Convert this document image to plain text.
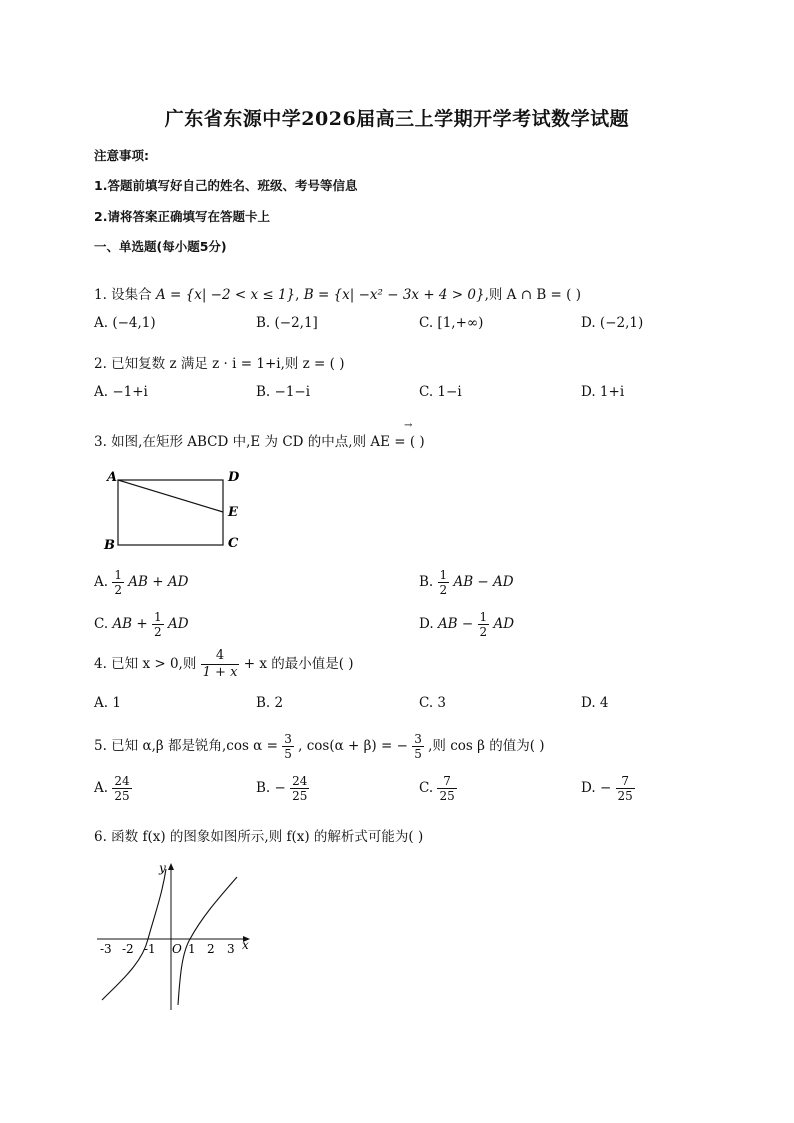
广东省东源中学2026届高三上学期开学考试数学试题
注意事项:
1.答题前填写好自己的姓名、班级、考号等信息
2.请将答案正确填写在答题卡上
一、单选题(每小题5分)
1. 设集合 A = {x| −2 < x ≤ 1}, B = {x| −x² − 3x + 4 > 0},则 A ∩ B = ( )
A. (−4,1)	B. (−2,1]	C. [1,+∞)	D. (−2,1)
2. 已知复数 z 满足 z · i = 1+i,则 z = ( )
A. −1+i	B. −1−i	C. 1−i	D. 1+i
3. 如图,在矩形 ABCD 中,E 为 CD 的中点,则 AE = ( )
→
A	D
E
B	C
A. $\frac{1}{2}$ AB + AD	B. $\frac{1}{2}$ AB − AD
C. AB + $\frac{1}{2}$ AD	D. AB − $\frac{1}{2}$ AD
4. 已知 x > 0,则 $\frac{4}{1 + x} + x$ 的最小值是( )
A. 1	B. 2	C. 3	D. 4
5. 已知 α,β 都是锐角,cos $\alpha = \frac{3}{5}$ , cos(α + β) = − $\frac{3}{5}$ ,则 cos β 的值为( )
A. $\frac{24}{25}$	B. − $\frac{24}{25}$	C. $\frac{7}{25}$	D. − $\frac{7}{25}$
6. 函数 f(x) 的图象如图所示,则 f(x) 的解析式可能为( )
-3 -2 -1 O 1 2 3 x
y
